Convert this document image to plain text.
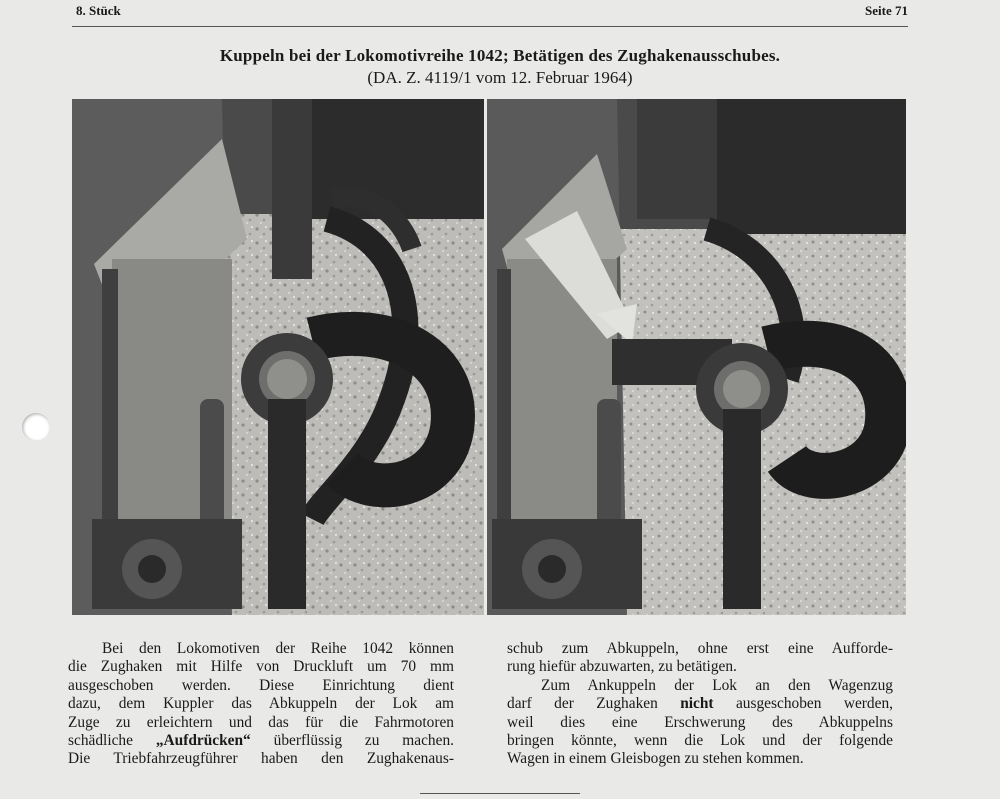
8. Stück	Seite 71
Kuppeln bei der Lokomotivreihe 1042; Betätigen des Zughakenausschubes.
(DA. Z. 4119/1 vom 12. Februar 1964)
Bei den Lokomotiven der Reihe 1042 können
die Zughaken mit Hilfe von Druckluft um 70 mm
ausgeschoben werden. Diese Einrichtung dient
dazu, dem Kuppler das Abkuppeln der Lok am
Zuge zu erleichtern und das für die Fahrmotoren
schädliche „Aufdrücken“ überflüssig zu machen.
Die Triebfahrzeugführer haben den Zughakenaus-
schub zum Abkuppeln, ohne erst eine Aufforde-
rung hiefür abzuwarten, zu betätigen.
Zum Ankuppeln der Lok an den Wagenzug
darf der Zughaken nicht ausgeschoben werden,
weil dies eine Erschwerung des Abkuppelns
bringen könnte, wenn die Lok und der folgende
Wagen in einem Gleisbogen zu stehen kommen.
